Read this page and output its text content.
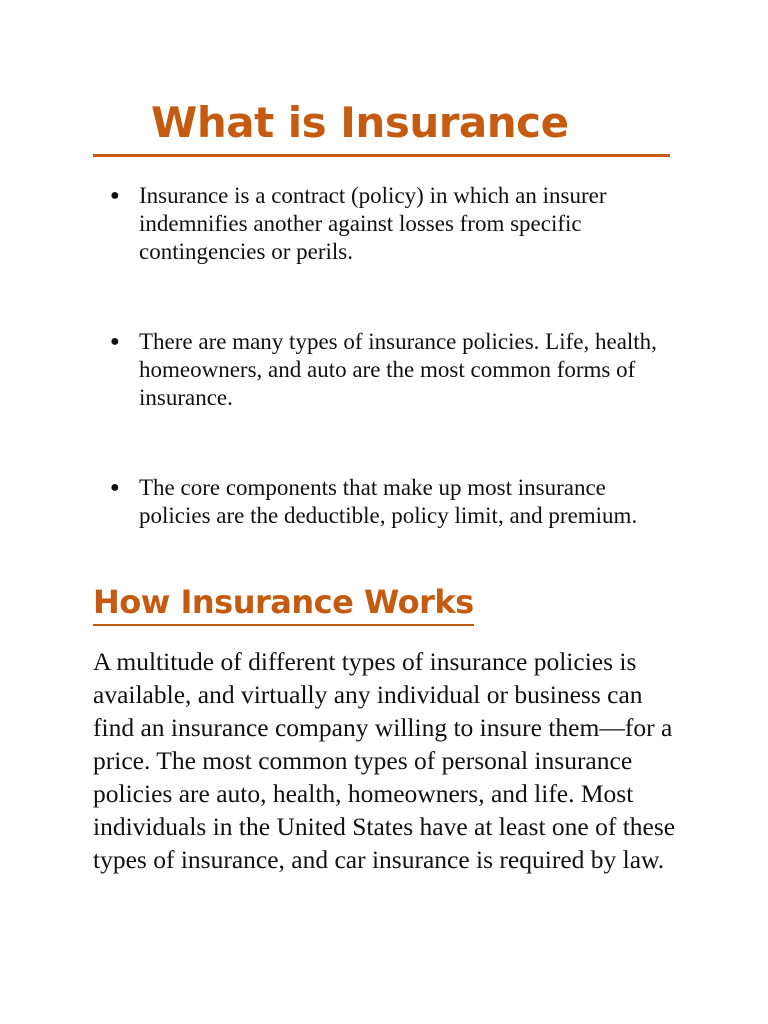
What is Insurance
● Insurance is a contract (policy) in which an insurer indemnifies another against losses from specific contingencies or perils.
● There are many types of insurance policies. Life, health, homeowners, and auto are the most common forms of insurance.
● The core components that make up most insurance policies are the deductible, policy limit, and premium.
How Insurance Works

A multitude of different types of insurance policies is available, and virtually any individual or business can find an insurance company willing to insure them—for a price. The most common types of personal insurance policies are auto, health, homeowners, and life. Most individuals in the United States have at least one of these types of insurance, and car insurance is required by law.
